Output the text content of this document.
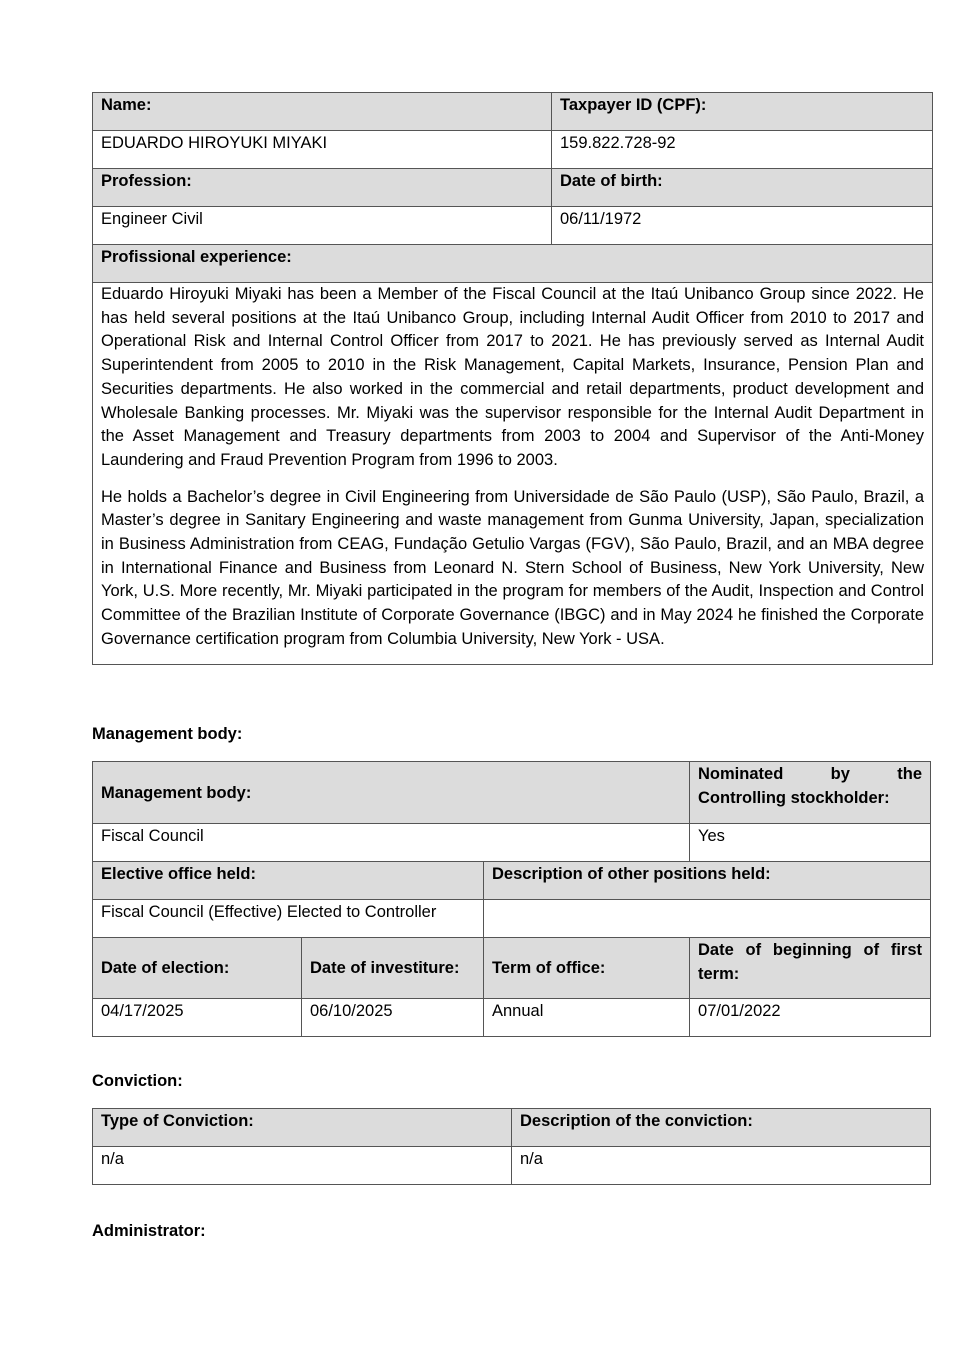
Name:	Taxpayer ID (CPF):
EDUARDO HIROYUKI MIYAKI	159.822.728-92
Profession:	Date of birth:
Engineer Civil	06/11/1972
Profissional experience:	

Eduardo Hiroyuki Miyaki has been a Member of the Fiscal Council at the Itaú Unibanco Group since 2022. He has held several positions at the Itaú Unibanco Group, including Internal Audit Officer from 2010 to 2017 and Operational Risk and Internal Control Officer from 2017 to 2021. He has previously served as Internal Audit Superintendent from 2005 to 2010 in the Risk Management, Capital Markets, Insurance, Pension Plan and Securities departments. He also worked in the commercial and retail departments, product development and Wholesale Banking processes. Mr. Miyaki was the supervisor responsible for the Internal Audit Department in the Asset Management and Treasury departments from 2003 to 2004 and Supervisor of the Anti-Money Laundering and Fraud Prevention Program from 1996 to 2003.

He holds a Bachelor’s degree in Civil Engineering from Universidade de São Paulo (USP), São Paulo, Brazil, a Master’s degree in Sanitary Engineering and waste management from Gunma University, Japan, specialization in Business Administration from CEAG, Fundação Getulio Vargas (FGV), São Paulo, Brazil, and an MBA degree in International Finance and Business from Leonard N. Stern School of Business, New York University, New York, U.S. More recently, Mr. Miyaki participated in the program for members of the Audit, Inspection and Control Committee of the Brazilian Institute of Corporate Governance (IBGC) and in May 2024 he finished the Corporate Governance certification program from Columbia University, New York - USA.	

Management body:

Management body:			Nominated by the Controlling stockholder:
Fiscal Council			Yes
Elective office held:		Description of other positions held:	
Fiscal Council (Effective) Elected to Controller			
Date of election:	Date of investiture:	Term of office:	Date of beginning of first term:
04/17/2025	06/10/2025	Annual	07/01/2022

Conviction:

Type of Conviction:	Description of the conviction:
n/a	n/a

Administrator:
